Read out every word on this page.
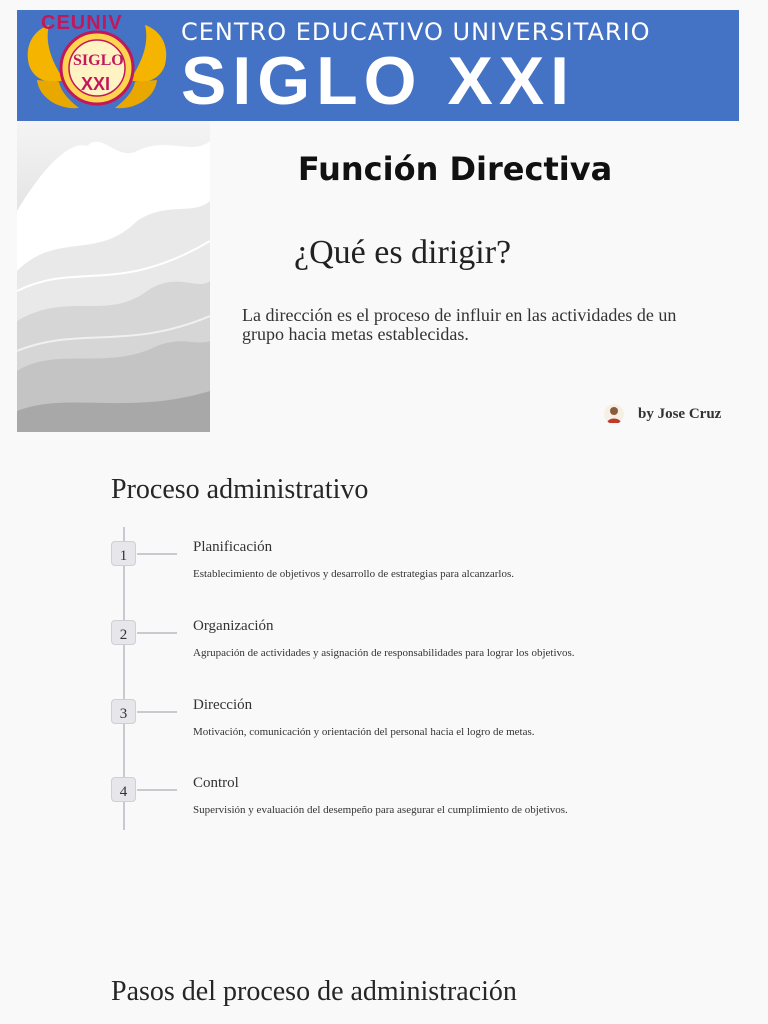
CEUNIV
SIGLO
XXI
CENTRO EDUCATIVO UNIVERSITARIO
SIGLO XXI
Función Directiva
¿Qué es dirigir?
La dirección es el proceso de influir en las actividades de un grupo hacia metas establecidas.
by Jose Cruz
Proceso administrativo
1
Planificación
Establecimiento de objetivos y desarrollo de estrategias para alcanzarlos.
2
Organización
Agrupación de actividades y asignación de responsabilidades para lograr los objetivos.
3
Dirección
Motivación, comunicación y orientación del personal hacia el logro de metas.
4
Control
Supervisión y evaluación del desempeño para asegurar el cumplimiento de objetivos.
Pasos del proceso de administración
